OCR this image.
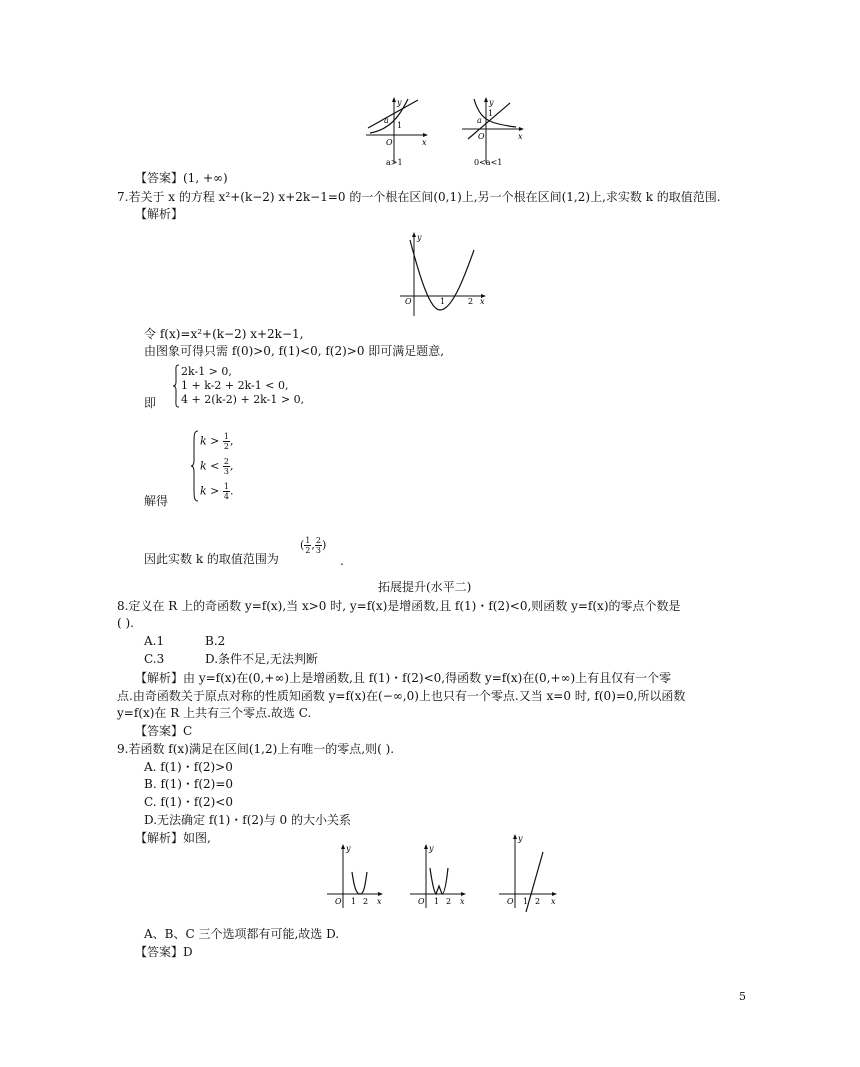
y
a
1
O	x
a>1
y
1
a
O	x
0<a<1
【答案】(1, +∞)
7.若关于 x 的方程 x²+(k−2) x+2k−1=0 的一个根在区间(0,1)上,另一个根在区间(1,2)上,求实数 k 的取值范围.
【解析】
y
O	1	2 x
令 f(x)=x²+(k−2) x+2k−1,
由图象可得只需 f(0)>0, f(1)<0, f(2)>0 即可满足题意,
即
2k-1 > 0,
1 + k-2 + 2k-1 < 0,
4 + 2(k-2) + 2k-1 > 0,
解得
$k > \frac{1}{2}$ ,
$k < \frac{2}{3}$ ,
$k > \frac{1}{4}$ .
因此实数 k 的取值范围为
( $\frac{1}{2}$ , $\frac{2}{3}$ )
.
拓展提升(水平二)
8.定义在 R 上的奇函数 y=f(x),当 x>0 时, y=f(x)是增函数,且 f(1)・f(2)<0,则函数 y=f(x)的零点个数是
( ).
A.1	B.2
C.3	D.条件不足,无法判断
【解析】由 y=f(x)在(0,+∞)上是增函数,且 f(1)・f(2)<0,得函数 y=f(x)在(0,+∞)上有且仅有一个零
点.由奇函数关于原点对称的性质知函数 y=f(x)在(−∞,0)上也只有一个零点.又当 x=0 时, f(0)=0,所以函数
y=f(x)在 R 上共有三个零点.故选 C.
【答案】C
9.若函数 f(x)满足在区间(1,2)上有唯一的零点,则( ).
A. f(1)・f(2)>0
B. f(1)・f(2)=0
C. f(1)・f(2)<0
D.无法确定 f(1)・f(2)与 0 的大小关系
【解析】如图,
y
O 1 2 x
y
O 1 2 x
y
O 1 2 x
A、B、C 三个选项都有可能,故选 D.
【答案】D
5
